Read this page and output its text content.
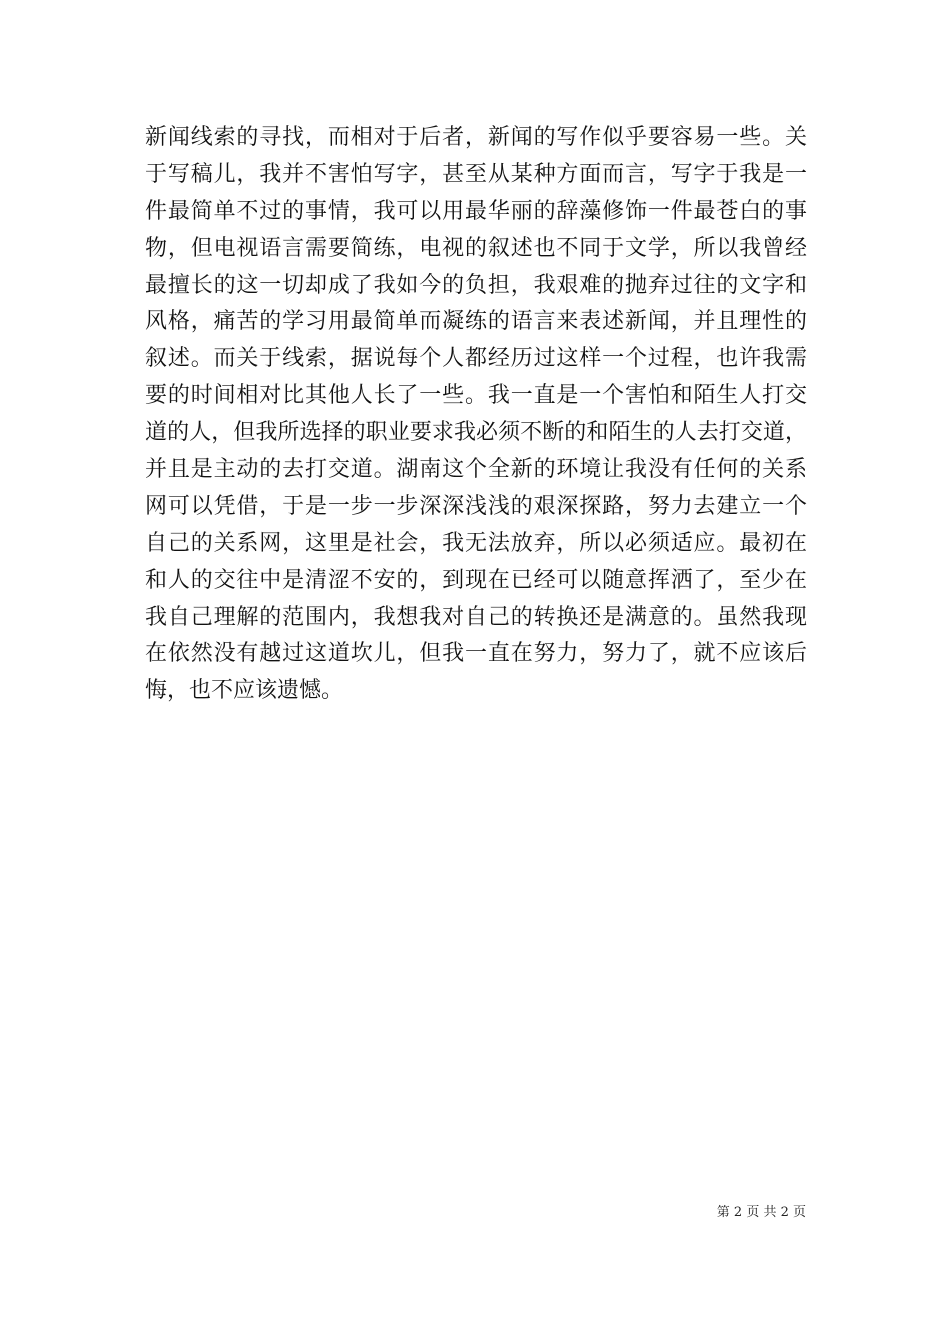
新闻线索的寻找，而相对于后者，新闻的写作似乎要容易一些。关
于写稿儿，我并不害怕写字，甚至从某种方面而言，写字于我是一
件最简单不过的事情，我可以用最华丽的辞藻修饰一件最苍白的事
物，但电视语言需要简练，电视的叙述也不同于文学，所以我曾经
最擅长的这一切却成了我如今的负担，我艰难的抛弃过往的文字和
风格，痛苦的学习用最简单而凝练的语言来表述新闻，并且理性的
叙述。而关于线索，据说每个人都经历过这样一个过程，也许我需
要的时间相对比其他人长了一些。我一直是一个害怕和陌生人打交
道的人，但我所选择的职业要求我必须不断的和陌生的人去打交道，
并且是主动的去打交道。湖南这个全新的环境让我没有任何的关系
网可以凭借，于是一步一步深深浅浅的艰深探路，努力去建立一个
自己的关系网，这里是社会，我无法放弃，所以必须适应。最初在
和人的交往中是清涩不安的，到现在已经可以随意挥洒了，至少在
我自己理解的范围内，我想我对自己的转换还是满意的。虽然我现
在依然没有越过这道坎儿，但我一直在努力，努力了，就不应该后
悔，也不应该遗憾。
第 2 页 共 2 页
